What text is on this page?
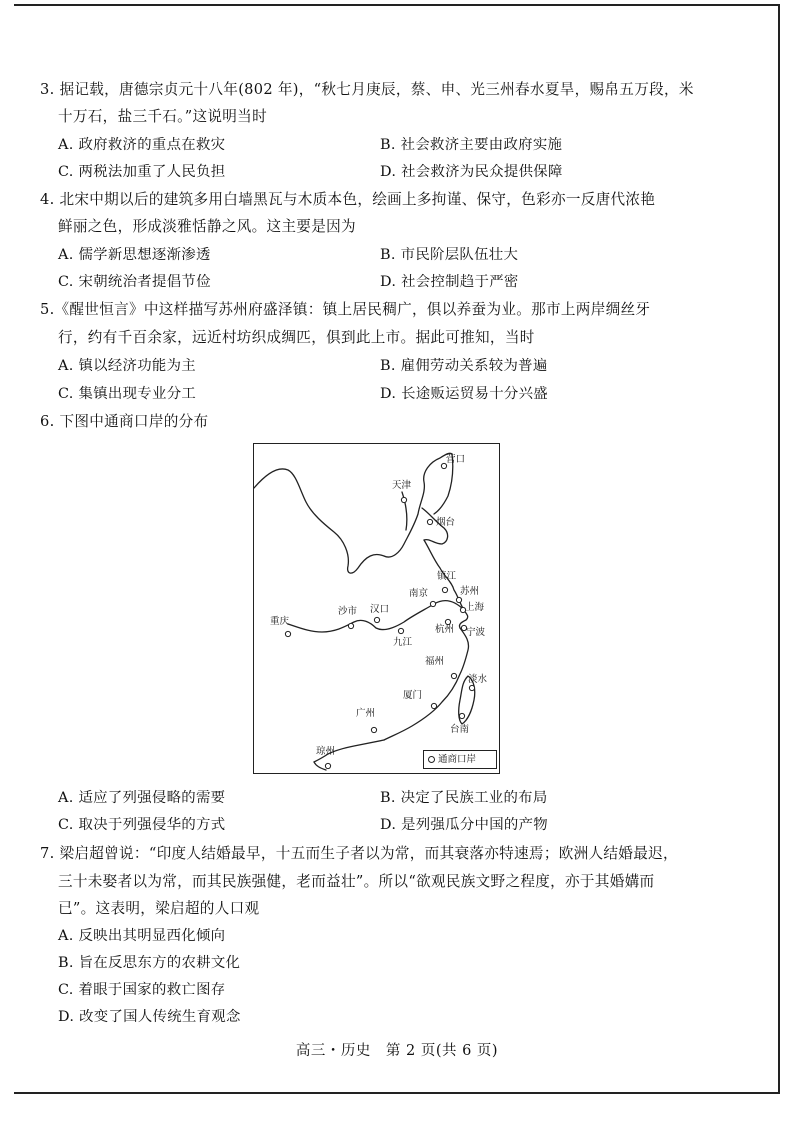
3. 据记载，唐德宗贞元十八年(802 年)，“秋七月庚辰，蔡、申、光三州春水夏旱，赐帛五万段，米
十万石，盐三千石。”这说明当时
A. 政府救济的重点在救灾	B. 社会救济主要由政府实施
C. 两税法加重了人民负担	D. 社会救济为民众提供保障
4. 北宋中期以后的建筑多用白墙黑瓦与木质本色，绘画上多拘谨、保守，色彩亦一反唐代浓艳
鲜丽之色，形成淡雅恬静之风。这主要是因为
A. 儒学新思想逐渐渗透	B. 市民阶层队伍壮大
C. 宋朝统治者提倡节俭	D. 社会控制趋于严密
5.《醒世恒言》中这样描写苏州府盛泽镇：镇上居民稠广，俱以养蚕为业。那市上两岸绸丝牙
行，约有千百余家，远近村坊织成绸匹，俱到此上市。据此可推知，当时
A. 镇以经济功能为主	B. 雇佣劳动关系较为普遍
C. 集镇出现专业分工	D. 长途贩运贸易十分兴盛
6. 下图中通商口岸的分布
营口
天津
烟台
镇江
苏州
南京
上海
沙市 汉口
重庆
杭州 宁波
九江
福州
淡水
厦门
广州
台南
琼州
通商口岸
A. 适应了列强侵略的需要	B. 决定了民族工业的布局
C. 取决于列强侵华的方式	D. 是列强瓜分中国的产物
7. 梁启超曾说：“印度人结婚最早，十五而生子者以为常，而其衰落亦特速焉；欧洲人结婚最迟，
三十未娶者以为常，而其民族强健，老而益壮”。所以“欲观民族文野之程度，亦于其婚媾而
已”。这表明，梁启超的人口观
A. 反映出其明显西化倾向
B. 旨在反思东方的农耕文化
C. 着眼于国家的救亡图存
D. 改变了国人传统生育观念
高三・历史　第 2 页(共 6 页)
